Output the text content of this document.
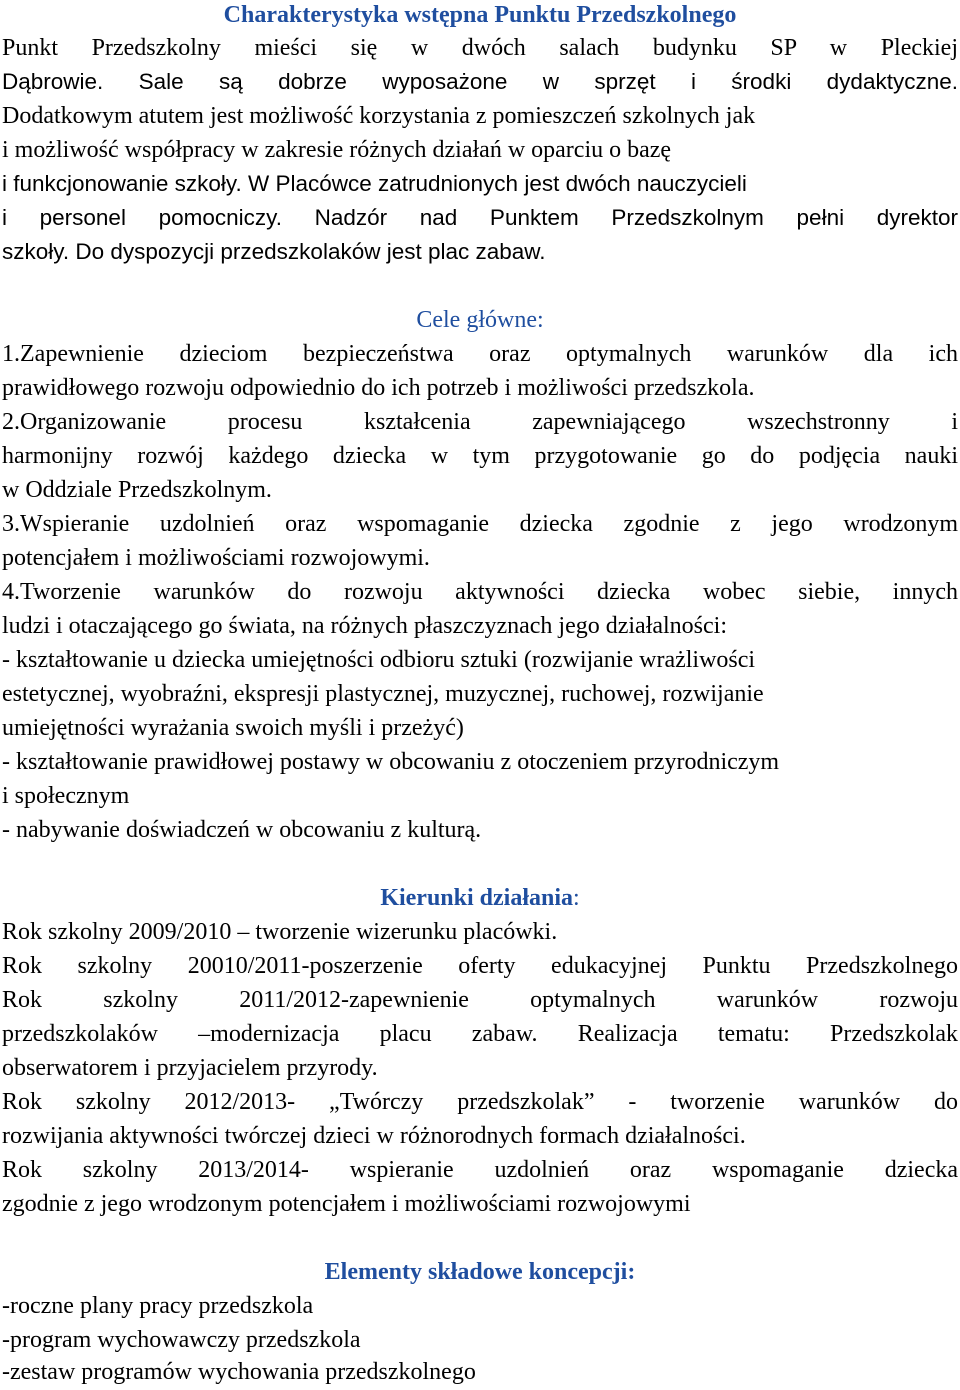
Charakterystyka wstępna Punktu Przedszkolnego
Punkt Przedszkolny mieści się w dwóch salach budynku SP w Pleckiej
Dąbrowie. Sale są dobrze wyposażone w sprzęt i środki dydaktyczne.
Dodatkowym atutem jest możliwość korzystania z pomieszczeń szkolnych jak
i możliwość współpracy w zakresie różnych działań w oparciu o bazę
i funkcjonowanie szkoły. W Placówce zatrudnionych jest dwóch nauczycieli
i personel pomocniczy. Nadzór nad Punktem Przedszkolnym pełni dyrektor
szkoły. Do dyspozycji przedszkolaków jest plac zabaw.
Cele główne:
1.Zapewnienie dzieciom bezpieczeństwa oraz optymalnych warunków dla ich
prawidłowego rozwoju odpowiednio do ich potrzeb i możliwości przedszkola.
2.Organizowanie procesu kształcenia zapewniającego wszechstronny i
harmonijny rozwój każdego dziecka w tym przygotowanie go do podjęcia nauki
w Oddziale Przedszkolnym.
3.Wspieranie uzdolnień oraz wspomaganie dziecka zgodnie z jego wrodzonym
potencjałem i możliwościami rozwojowymi.
4.Tworzenie warunków do rozwoju aktywności dziecka wobec siebie, innych
ludzi i otaczającego go świata, na różnych płaszczyznach jego działalności:
- kształtowanie u dziecka umiejętności odbioru sztuki (rozwijanie wrażliwości
estetycznej, wyobraźni, ekspresji plastycznej, muzycznej, ruchowej, rozwijanie
umiejętności wyrażania swoich myśli i przeżyć)
- kształtowanie prawidłowej postawy w obcowaniu z otoczeniem przyrodniczym
i społecznym
- nabywanie doświadczeń w obcowaniu z kulturą.
Kierunki działania:
Rok szkolny 2009/2010 – tworzenie wizerunku placówki.
Rok szkolny 20010/2011-poszerzenie oferty edukacyjnej Punktu Przedszkolnego
Rok szkolny 2011/2012-zapewnienie optymalnych warunków rozwoju
przedszkolaków –modernizacja placu zabaw. Realizacja tematu: Przedszkolak
obserwatorem i przyjacielem przyrody.
Rok szkolny 2012/2013- „Twórczy przedszkolak” - tworzenie warunków do
rozwijania aktywności twórczej dzieci w różnorodnych formach działalności.
Rok szkolny 2013/2014- wspieranie uzdolnień oraz wspomaganie dziecka
zgodnie z jego wrodzonym potencjałem i możliwościami rozwojowymi
Elementy składowe koncepcji:
-roczne plany pracy przedszkola
-program wychowawczy przedszkola
-zestaw programów wychowania przedszkolnego
